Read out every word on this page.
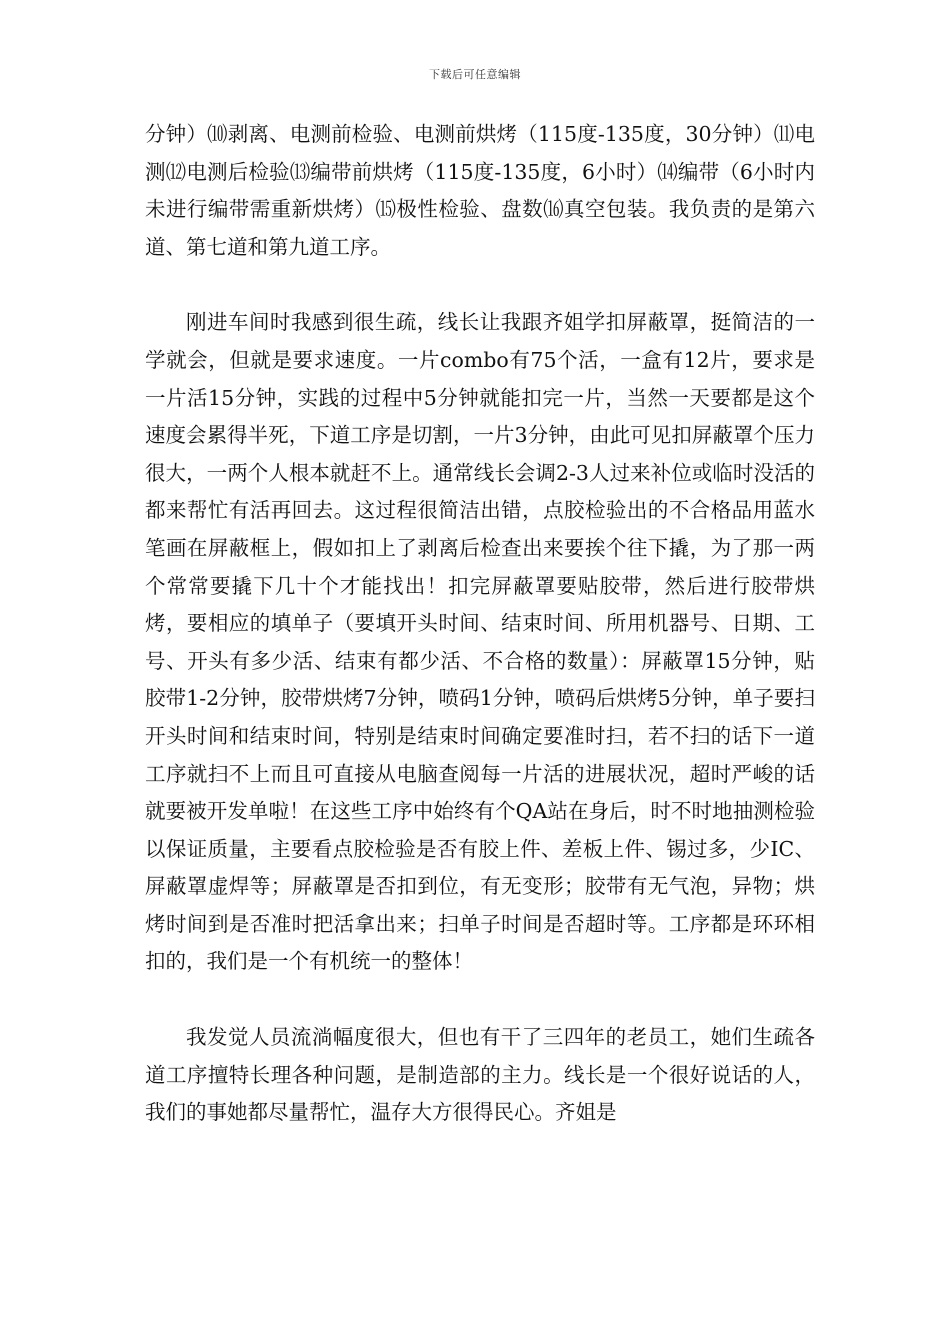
下载后可任意编辑

分钟）⑽剥离、电测前检验、电测前烘烤（115度-135度，30分钟）⑾电测⑿电测后检验⒀编带前烘烤（115度-135度，6小时）⒁编带（6小时内未进行编带需重新烘烤）⒂极性检验、盘数⒃真空包装。我负责的是第六道、第七道和第九道工序。

刚进车间时我感到很生疏，线长让我跟齐姐学扣屏蔽罩，挺简洁的一学就会，但就是要求速度。一片combo有75个活，一盒有12片，要求是一片活15分钟，实践的过程中5分钟就能扣完一片，当然一天要都是这个速度会累得半死，下道工序是切割，一片3分钟，由此可见扣屏蔽罩个压力很大，一两个人根本就赶不上。通常线长会调2-3人过来补位或临时没活的都来帮忙有活再回去。这过程很简洁出错，点胶检验出的不合格品用蓝水笔画在屏蔽框上，假如扣上了剥离后检查出来要挨个往下撬，为了那一两个常常要撬下几十个才能找出！扣完屏蔽罩要贴胶带，然后进行胶带烘烤，要相应的填单子（要填开头时间、结束时间、所用机器号、日期、工号、开头有多少活、结束有都少活、不合格的数量）：屏蔽罩15分钟，贴胶带1-2分钟，胶带烘烤7分钟，喷码1分钟，喷码后烘烤5分钟，单子要扫开头时间和结束时间，特别是结束时间确定要准时扫，若不扫的话下一道工序就扫不上而且可直接从电脑查阅每一片活的进展状况，超时严峻的话就要被开发单啦！在这些工序中始终有个QA站在身后，时不时地抽测检验以保证质量，主要看点胶检验是否有胶上件、差板上件、锡过多，少IC、屏蔽罩虚焊等；屏蔽罩是否扣到位，有无变形；胶带有无气泡，异物；烘烤时间到是否准时把活拿出来；扫单子时间是否超时等。工序都是环环相扣的，我们是一个有机统一的整体！

我发觉人员流淌幅度很大，但也有干了三四年的老员工，她们生疏各道工序擅特长理各种问题，是制造部的主力。线长是一个很好说话的人，我们的事她都尽量帮忙，温存大方很得民心。齐姐是
